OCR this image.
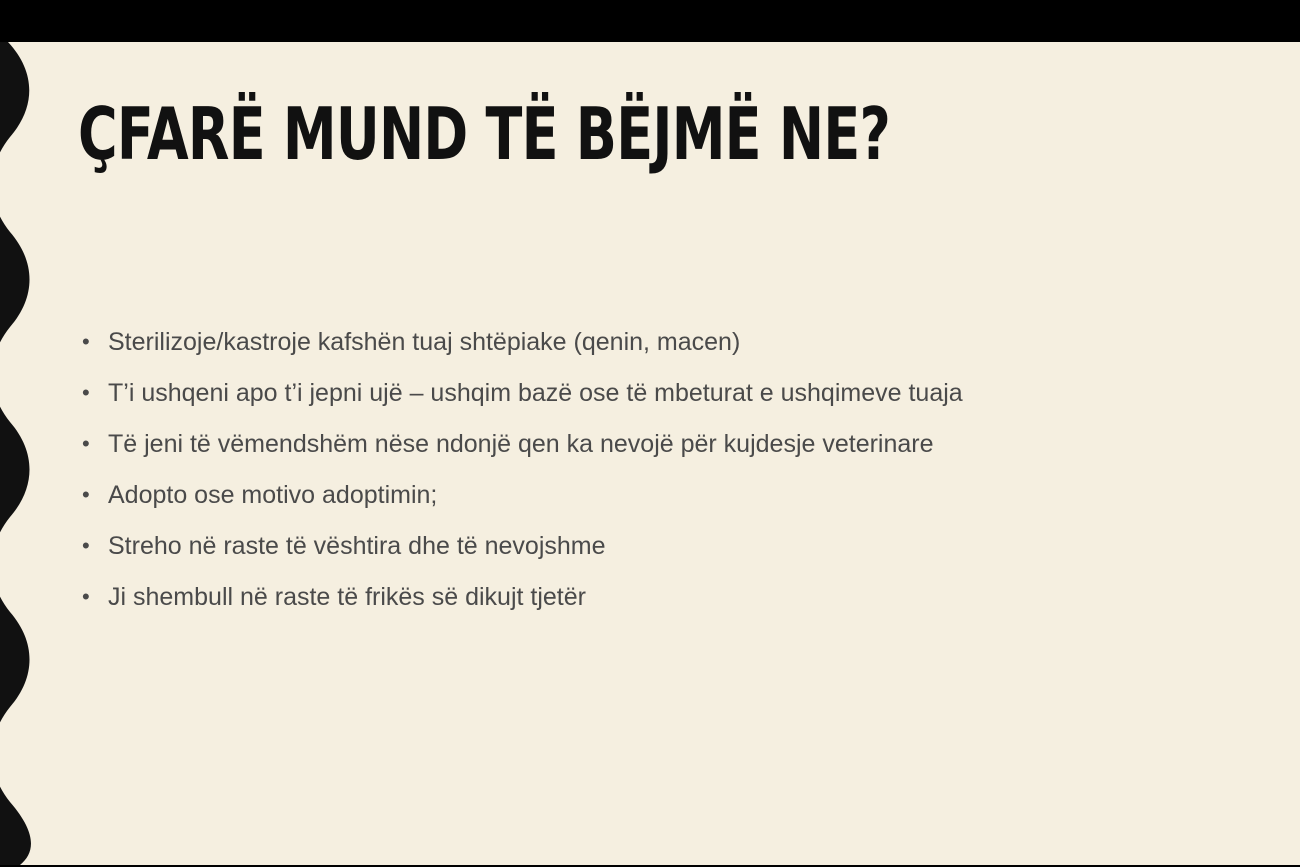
ÇFARË MUND TË BËJMË NE?
• Sterilizoje/kastroje kafshën tuaj shtëpiake (qenin, macen)
• T’i ushqeni apo t’i jepni ujë – ushqim bazë ose të mbeturat e ushqimeve tuaja
• Të jeni të vëmendshëm nëse ndonjë qen ka nevojë për kujdesje veterinare
• Adopto ose motivo adoptimin;
• Streho në raste të vështira dhe të nevojshme
• Ji shembull në raste të frikës së dikujt tjetër
